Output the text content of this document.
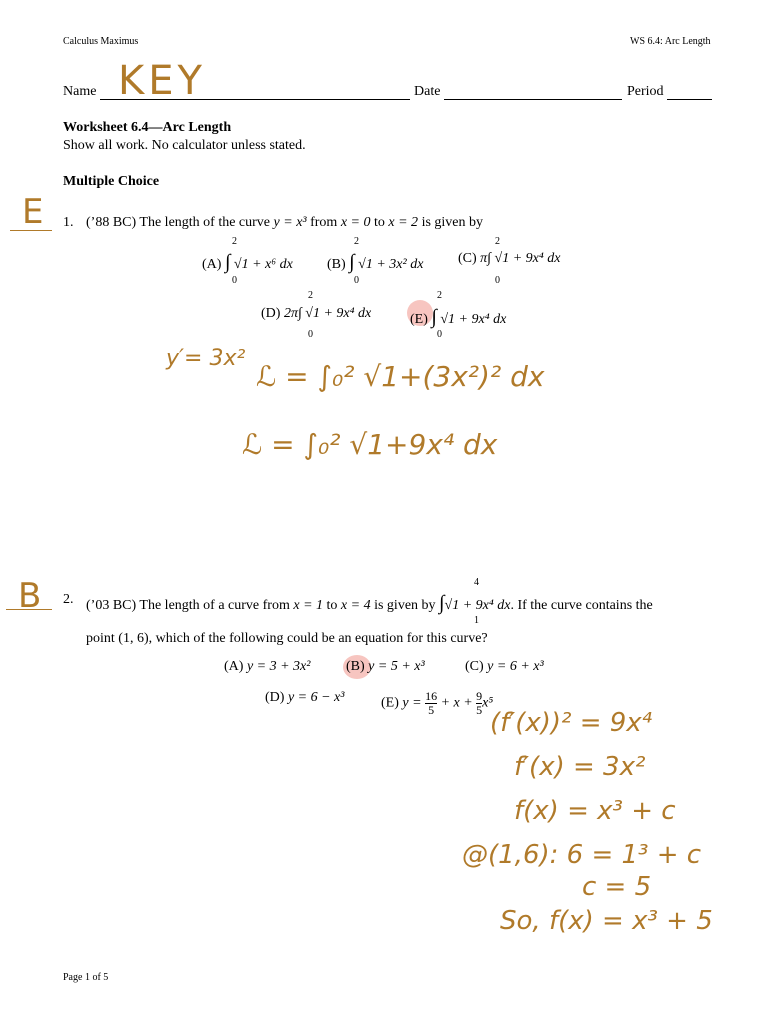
Calculus Maximus	WS 6.4: Arc Length
Name KEY	Date	Period
Worksheet 6.4—Arc Length
Show all work. No calculator unless stated.
Multiple Choice
E 1. (’88 BC) The length of the curve y = x³ from x = 0 to x = 2 is given by
(A) ∫ √1 + x⁶ dx
2
0
(B) ∫ √1 + 3x² dx
2
0
(C) π∫ √1 + 9x⁴ dx
2
0
(D) 2π∫ √1 + 9x⁴ dx
2
0
(E) ∫ √1 + 9x⁴ dx
2
0
y′= 3x²
ℒ = ∫₀² √1+(3x²)² dx
ℒ = ∫₀² √1+9x⁴ dx
B 2. (’03 BC) The length of a curve from x = 1 to x = 4 is given by ∫√1 + 9x⁴ dx. If the curve contains the
4
1
point (1, 6), which of the following could be an equation for this curve?
(A) y = 3 + 3x²	(B) y = 5 + x³	(C) y = 6 + x³
(D) y = 6 − x³	(E) $y = \frac{16}{5} + x + \frac{9}{5} x^5$
(f′(x))² = 9x⁴
f′(x) = 3x²
f(x) = x³ + c
@(1,6): 6 = 1³ + c
c = 5
So, f(x) = x³ + 5
Page 1 of 5
